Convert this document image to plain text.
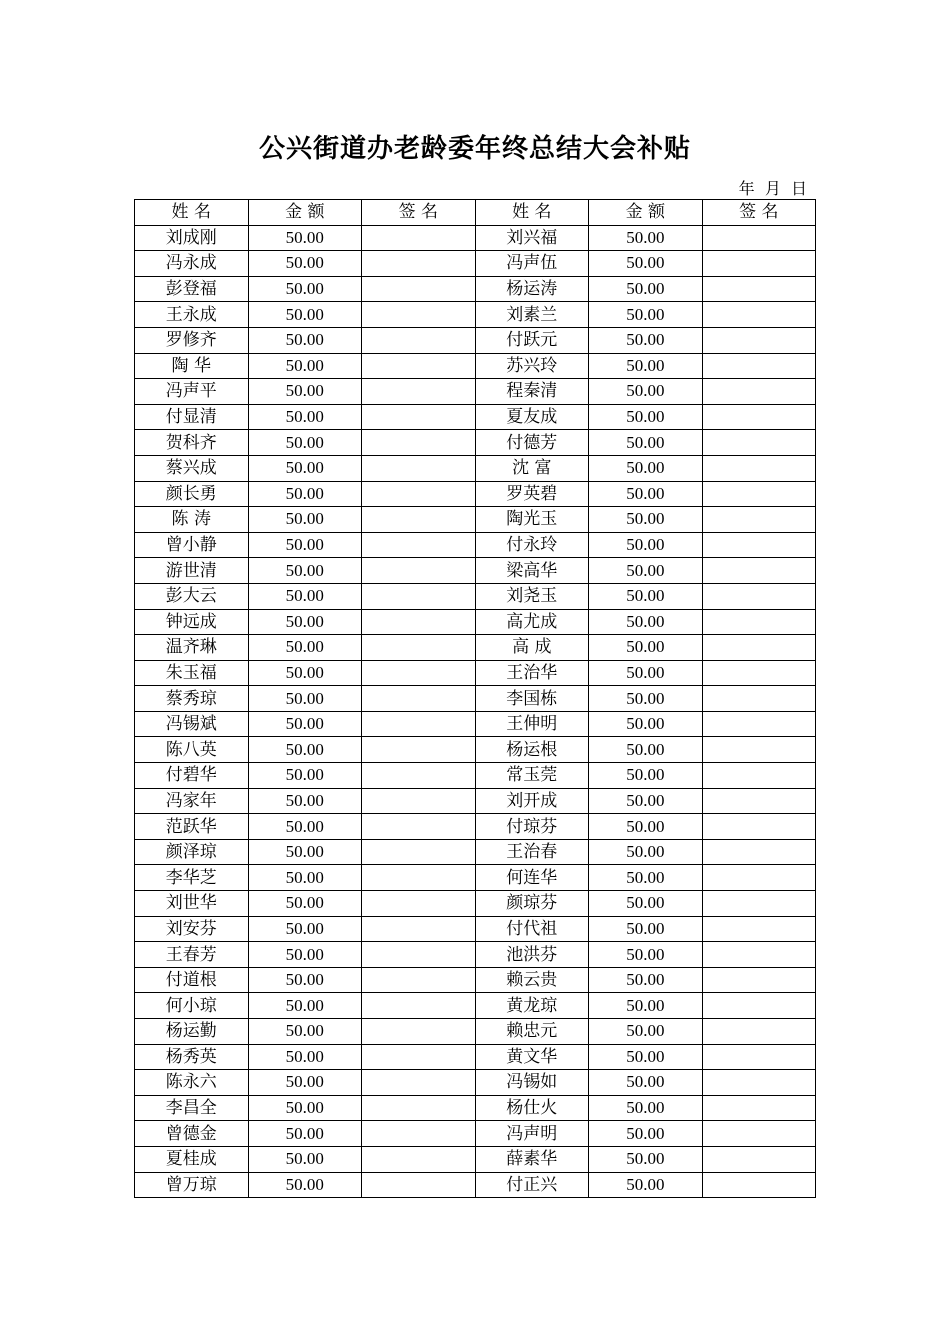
公兴街道办老龄委年终总结大会补贴
年  月  日
姓 名	金 额	签 名	姓 名	金 额	签 名
刘成刚	50.00		刘兴福	50.00	
冯永成	50.00		冯声伍	50.00	
彭登福	50.00		杨运涛	50.00	
王永成	50.00		刘素兰	50.00	
罗修齐	50.00		付跃元	50.00	
陶 华	50.00		苏兴玲	50.00	
冯声平	50.00		程秦清	50.00	
付显清	50.00		夏友成	50.00	
贺科齐	50.00		付德芳	50.00	
蔡兴成	50.00		沈 富	50.00	
颜长勇	50.00		罗英碧	50.00	
陈 涛	50.00		陶光玉	50.00	
曾小静	50.00		付永玲	50.00	
游世清	50.00		梁高华	50.00	
彭大云	50.00		刘尧玉	50.00	
钟远成	50.00		高尤成	50.00	
温齐琳	50.00		高 成	50.00	
朱玉福	50.00		王治华	50.00	
蔡秀琼	50.00		李国栋	50.00	
冯锡斌	50.00		王伸明	50.00	
陈八英	50.00		杨运根	50.00	
付碧华	50.00		常玉莞	50.00	
冯家年	50.00		刘开成	50.00	
范跃华	50.00		付琼芬	50.00	
颜泽琼	50.00		王治春	50.00	
李华芝	50.00		何连华	50.00	
刘世华	50.00		颜琼芬	50.00	
刘安芬	50.00		付代祖	50.00	
王春芳	50.00		池洪芬	50.00	
付道根	50.00		赖云贵	50.00	
何小琼	50.00		黄龙琼	50.00	
杨运勤	50.00		赖忠元	50.00	
杨秀英	50.00		黄文华	50.00	
陈永六	50.00		冯锡如	50.00	
李昌全	50.00		杨仕火	50.00	
曾德金	50.00		冯声明	50.00	
夏桂成	50.00		薛素华	50.00	
曾万琼	50.00		付正兴	50.00	
